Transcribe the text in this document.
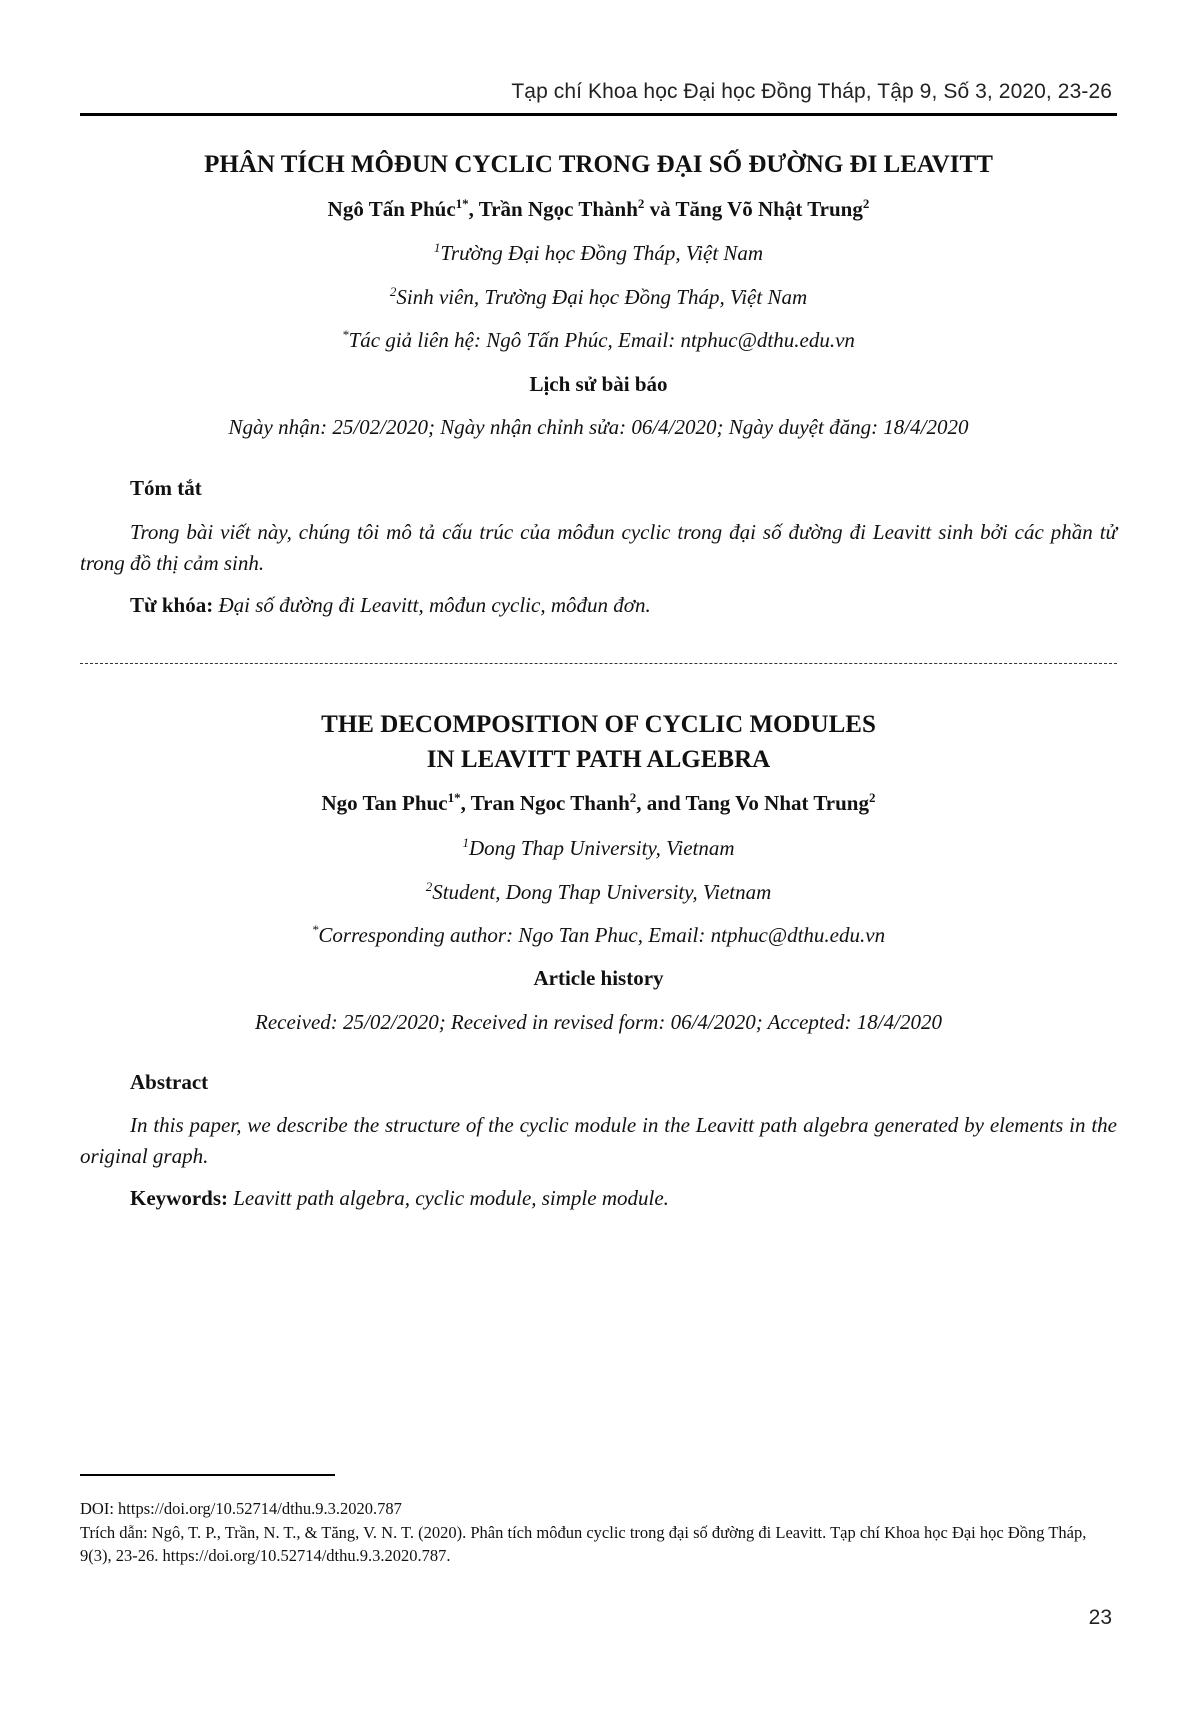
Tạp chí Khoa học Đại học Đồng Tháp, Tập 9, Số 3, 2020, 23-26
PHÂN TÍCH MÔĐUN CYCLIC TRONG ĐẠI SỐ ĐƯỜNG ĐI LEAVITT
Ngô Tấn Phúc$^{1*}$, Trần Ngọc Thành$^2$ và Tăng Võ Nhật Trung$^2$
$^1$Trường Đại học Đồng Tháp, Việt Nam
$^2$Sinh viên, Trường Đại học Đồng Tháp, Việt Nam
*Tác giả liên hệ: Ngô Tấn Phúc, Email: ntphuc@dthu.edu.vn
Lịch sử bài báo
Ngày nhận: 25/02/2020; Ngày nhận chỉnh sửa: 06/4/2020; Ngày duyệt đăng: 18/4/2020
Tóm tắt
Trong bài viết này, chúng tôi mô tả cấu trúc của môđun cyclic trong đại số đường đi Leavitt sinh bởi các phần tử trong đồ thị cảm sinh.
Từ khóa: Đại số đường đi Leavitt, môđun cyclic, môđun đơn.
THE DECOMPOSITION OF CYCLIC MODULES
IN LEAVITT PATH ALGEBRA
Ngo Tan Phuc$^{1*}$, Tran Ngoc Thanh$^2$, and Tang Vo Nhat Trung$^2$
$^1$Dong Thap University, Vietnam
$^2$Student, Dong Thap University, Vietnam
*Corresponding author: Ngo Tan Phuc, Email: ntphuc@dthu.edu.vn
Article history
Received: 25/02/2020; Received in revised form: 06/4/2020; Accepted: 18/4/2020
Abstract
In this paper, we describe the structure of the cyclic module in the Leavitt path algebra generated by elements in the original graph.
Keywords: Leavitt path algebra, cyclic module, simple module.
DOI: https://doi.org/10.52714/dthu.9.3.2020.787
Trích dẫn: Ngô, T. P., Trần, N. T., & Tăng, V. N. T. (2020). Phân tích môđun cyclic trong đại số đường đi Leavitt. Tạp chí Khoa học Đại học Đồng Tháp, 9(3), 23-26. https://doi.org/10.52714/dthu.9.3.2020.787.
23
